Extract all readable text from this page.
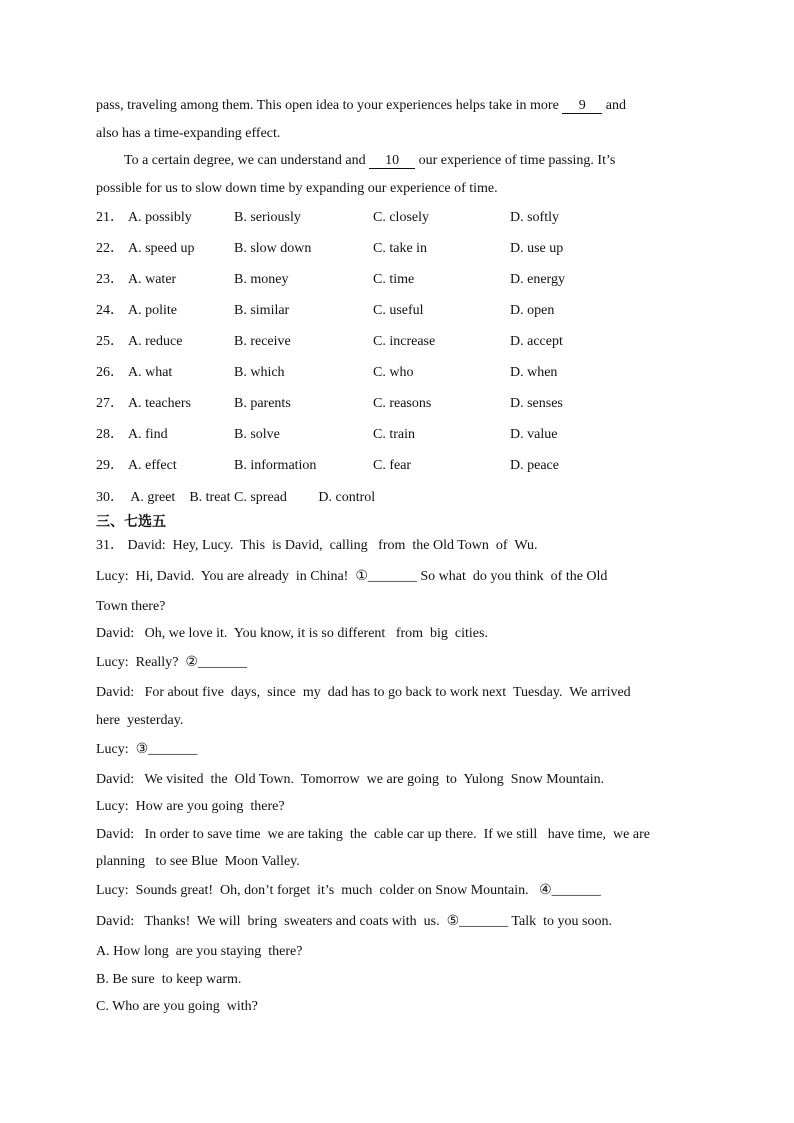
pass, traveling among them. This open idea to your experiences helps take in more 9 and
also has a time-expanding effect.
To a certain degree, we can understand and 10 our experience of time passing. It’s
possible for us to slow down time by expanding our experience of time.
21． A. possibly	B. seriously	C. closely	D. softly
22． A. speed up	B. slow down	C. take in	D. use up
23． A. water	B. money	C. time	D. energy
24． A. polite	B. similar	C. useful	D. open
25． A. reduce	B. receive	C. increase	D. accept
26． A. what	B. which	C. who	D. when
27． A. teachers	B. parents	C. reasons	D. senses
28． A. find	B. solve	C. train	D. value
29． A. effect	B. information	C. fear	D. peace
30．  A. greet    B. treat C. spread         D. control
三、七选五
31． David:  Hey, Lucy.  This  is David,  calling   from  the Old Town  of  Wu.
Lucy:  Hi, David.  You are already  in China!  ①_______ So what  do you think  of the Old
Town there?
David:   Oh, we love it.  You know, it is so different   from  big  cities.
Lucy:  Really?  ②_______
David:   For about five  days,  since  my  dad has to go back to work next  Tuesday.  We arrived
here  yesterday.
Lucy:  ③_______
David:   We visited  the  Old Town.  Tomorrow  we are going  to  Yulong  Snow Mountain.
Lucy:  How are you going  there?
David:   In order to save time  we are taking  the  cable car up there.  If we still   have time,  we are
planning   to see Blue  Moon Valley.
Lucy:  Sounds great!  Oh, don’t forget  it’s  much  colder on Snow Mountain.   ④_______
David:   Thanks!  We will  bring  sweaters and coats with  us.  ⑤_______ Talk  to you soon.
A. How long  are you staying  there?
B. Be sure  to keep warm.
C. Who are you going  with?
